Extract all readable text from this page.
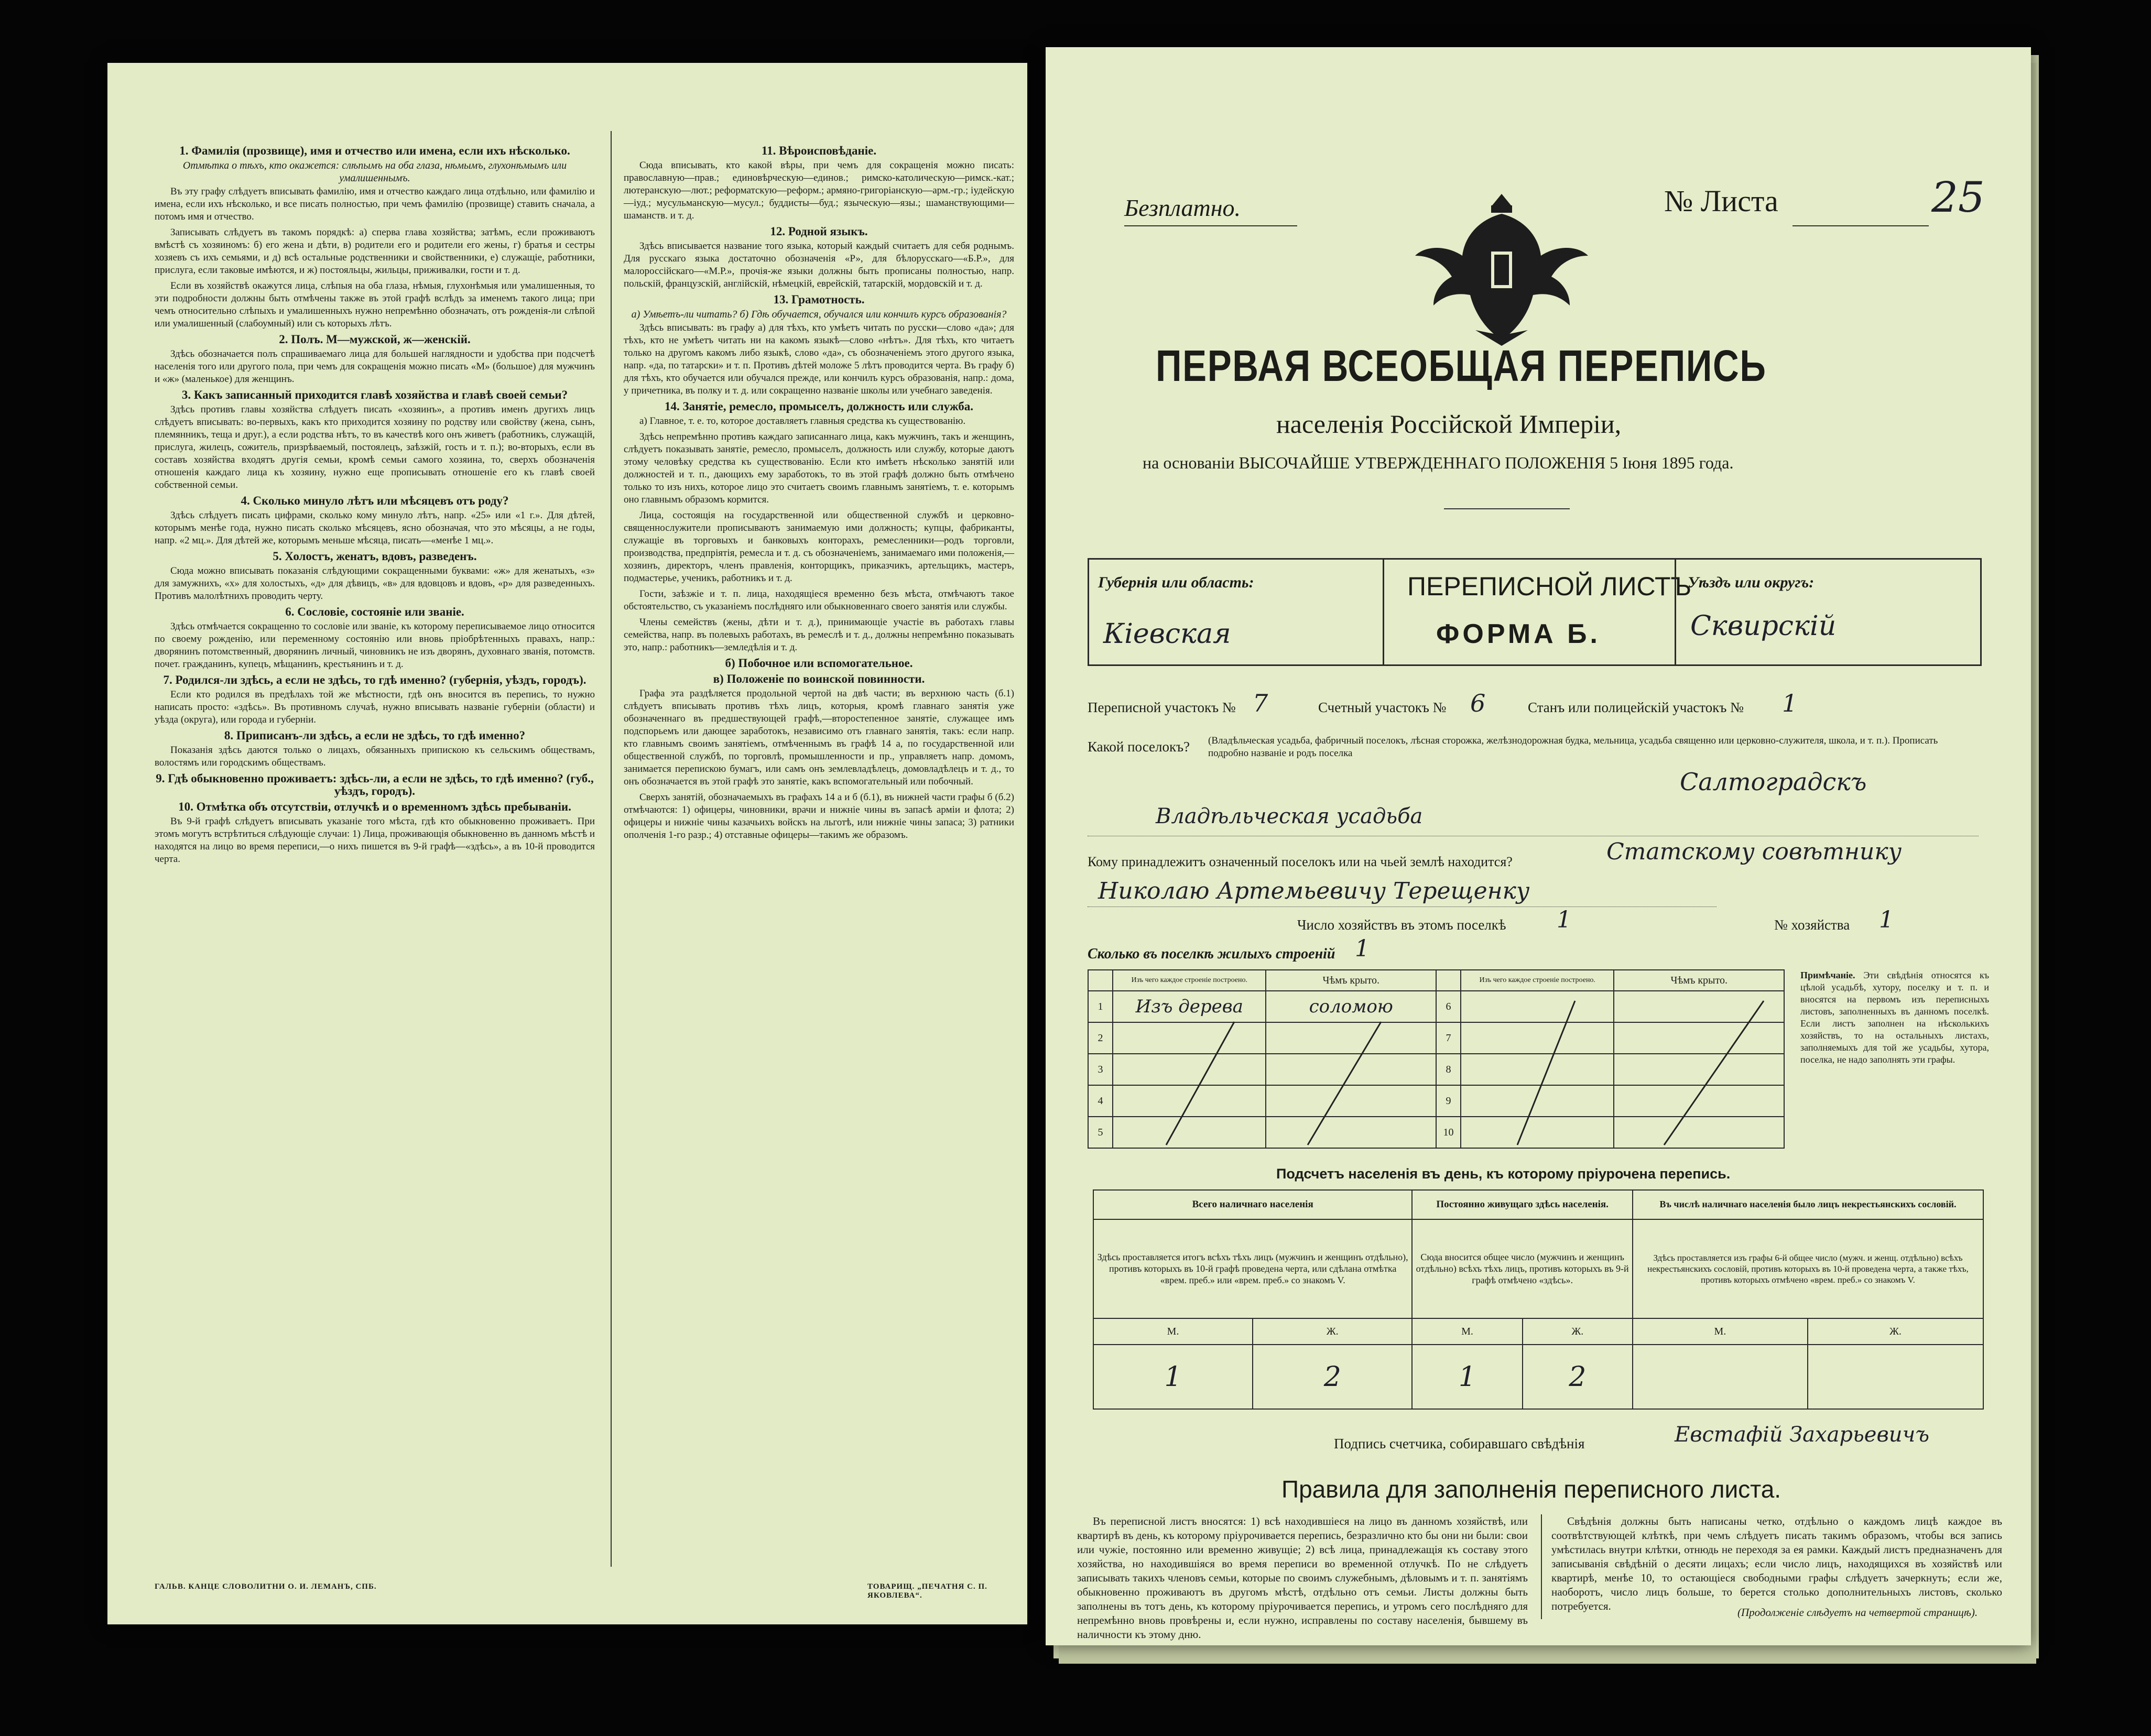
1. Фамилія (прозвище), имя и отчество или имена, если ихъ нѣсколько.
Отмѣтка о тѣхъ, кто окажется: слѣпымъ на оба глаза, нѣмымъ, глухонѣмымъ или умалишеннымъ.

Въ эту графу слѣдуетъ вписывать фамилію, имя и отчество каждаго лица отдѣльно, или фамилію и имена, если ихъ нѣсколько, и все писать полностью, при чемъ фамилію (прозвище) ставить сначала, а потомъ имя и отчество.

Записывать слѣдуетъ въ такомъ порядкѣ: а) сперва глава хозяйства; затѣмъ, если проживаютъ вмѣстѣ съ хозяиномъ: б) его жена и дѣти, в) родители его и родители его жены, г) братья и сестры хозяевъ съ ихъ семьями, и д) всѣ остальные родственники и свойственники, е) служащіе, работники, прислуга, если таковые имѣются, и ж) постояльцы, жильцы, приживалки, гости и т. д.

Если въ хозяйствѣ окажутся лица, слѣпыя на оба глаза, нѣмыя, глухонѣмыя или умалишенныя, то эти подробности должны быть отмѣчены также въ этой графѣ вслѣдъ за именемъ такого лица; при чемъ относительно слѣпыхъ и умалишенныхъ нужно непремѣнно обозначать, отъ рожденія-ли слѣпой или умалишенный (слабоумный) или съ которыхъ лѣтъ.

2. Полъ. М—мужской, ж—женскій.

Здѣсь обозначается полъ спрашиваемаго лица для большей наглядности и удобства при подсчетѣ населенія того или другого пола, при чемъ для сокращенія можно писать «М» (большое) для мужчинъ и «ж» (маленькое) для женщинъ.

3. Какъ записанный приходится главѣ хозяйства и главѣ своей семьи?

Здѣсь противъ главы хозяйства слѣдуетъ писать «хозяинъ», а противъ именъ другихъ лицъ слѣдуетъ вписывать: во-первыхъ, какъ кто приходится хозяину по родству или свойству (жена, сынъ, племянникъ, теща и друг.), а если родства нѣтъ, то въ качествѣ кого онъ живетъ (работникъ, служащій, прислуга, жилецъ, сожитель, призрѣваемый, постоялецъ, заѣзжій, гость и т. п.); во-вторыхъ, если въ составъ хозяйства входятъ другія семьи, кромѣ семьи самого хозяина, то, сверхъ обозначенія отношенія каждаго лица къ хозяину, нужно еще прописывать отношеніе его къ главѣ своей собственной семьи.

4. Сколько минуло лѣтъ или мѣсяцевъ отъ роду?

Здѣсь слѣдуетъ писать цифрами, сколько кому минуло лѣтъ, напр. «25» или «1 г.». Для дѣтей, которымъ менѣе года, нужно писать сколько мѣсяцевъ, ясно обозначая, что это мѣсяцы, а не годы, напр. «2 мц.». Для дѣтей же, которымъ меньше мѣсяца, писать—«менѣе 1 мц.».

5. Холостъ, женатъ, вдовъ, разведенъ.

Сюда можно вписывать показанія слѣдующими сокращенными буквами: «ж» для женатыхъ, «з» для замужнихъ, «х» для холостыхъ, «д» для дѣвицъ, «в» для вдовцовъ и вдовъ, «р» для разведенныхъ. Противъ малолѣтнихъ проводить черту.

6. Сословіе, состояніе или званіе.

Здѣсь отмѣчается сокращенно то сословіе или званіе, къ которому переписываемое лицо относится по своему рожденію, или переменному состоянію или вновь пріобрѣтенныхъ правахъ, напр.: дворянинъ потомственный, дворянинъ личный, чиновникъ не изъ дворянъ, духовнаго званія, потомств. почет. гражданинъ, купецъ, мѣщанинъ, крестьянинъ и т. д.

7. Родился-ли здѣсь, а если не здѣсь, то гдѣ именно? (губернія, уѣздъ, городъ).

Если кто родился въ предѣлахъ той же мѣстности, гдѣ онъ вносится въ перепись, то нужно написать просто: «здѣсь». Въ противномъ случаѣ, нужно вписывать названіе губерніи (области) и уѣзда (округа), или города и губерніи.

8. Приписанъ-ли здѣсь, а если не здѣсь, то гдѣ именно?

Показанія здѣсь даются только о лицахъ, обязанныхъ припискою къ сельскимъ обществамъ, волостямъ или городскимъ обществамъ.

9. Гдѣ обыкновенно проживаетъ: здѣсь-ли, а если не здѣсь, то гдѣ именно? (губ., уѣздъ, городъ).
10. Отмѣтка объ отсутствіи, отлучкѣ и о временномъ здѣсь пребываніи.

Въ 9-й графѣ слѣдуетъ вписывать указаніе того мѣста, гдѣ кто обыкновенно проживаетъ. При этомъ могутъ встрѣтиться слѣдующіе случаи: 1) Лица, проживающія обыкновенно въ данномъ мѣстѣ и находятся на лицо во время переписи,—о нихъ пишется въ 9-й графѣ—«здѣсь», а въ 10-й проводится черта.

11. Вѣроисповѣданіе.

Сюда вписывать, кто какой вѣры, при чемъ для сокращенія можно писать: православную—прав.; единовѣрческую—единов.; римско-католическую—римск.-кат.; лютеранскую—лют.; реформатскую—реформ.; армяно-григоріанскую—арм.-гр.; іудейскую—іуд.; мусульманскую—мусул.; буддисты—буд.; языческую—язы.; шаманствующими—шаманств. и т. д.

12. Родной языкъ.

Здѣсь вписывается название того языка, который каждый считаетъ для себя роднымъ. Для русскаго языка достаточно обозначенія «Р», для бѣлорусскаго—«Б.Р.», для малороссійскаго—«М.Р.», прочія-же языки должны быть прописаны полностью, напр. польскій, французскій, англійскій, нѣмецкій, еврейскій, татарскій, мордовскій и т. д.

13. Грамотность.
а) Умѣетъ-ли читать? б) Гдѣ обучается, обучался или кончилъ курсъ образованія?

Здѣсь вписывать: въ графу а) для тѣхъ, кто умѣетъ читать по русски—слово «да»; для тѣхъ, кто не умѣетъ читать ни на какомъ языкѣ—слово «нѣтъ». Для тѣхъ, кто читаетъ только на другомъ какомъ либо языкѣ, слово «да», съ обозначеніемъ этого другого языка, напр. «да, по татарски» и т. п. Противъ дѣтей моложе 5 лѣтъ проводится черта. Въ графу б) для тѣхъ, кто обучается или обучался прежде, или кончилъ курсъ образованія, напр.: дома, у причетника, въ полку и т. д. или сокращенно названіе школы или учебнаго заведенія.

14. Занятіе, ремесло, промыселъ, должность или служба.

а) Главное, т. е. то, которое доставляетъ главныя средства къ существованію.

Здѣсь непремѣнно противъ каждаго записаннаго лица, какъ мужчинъ, такъ и женщинъ, слѣдуетъ показывать занятіе, ремесло, промыселъ, должность или службу, которые даютъ этому человѣку средства къ существованію. Если кто имѣетъ нѣсколько занятій или должностей и т. п., дающихъ ему заработокъ, то въ этой графѣ должно быть отмѣчено только то изъ нихъ, которое лицо это считаетъ своимъ главнымъ занятіемъ, т. е. которымъ оно главнымъ образомъ кормится.

Лица, состоящія на государственной или общественной службѣ и церковно-священнослужители прописываютъ занимаемую ими должность; купцы, фабриканты, служащіе въ торговыхъ и банковыхъ конторахъ, ремесленники—родъ торговли, производства, предпріятія, ремесла и т. д. съ обозначеніемъ, занимаемаго ими положенія,—хозяинъ, директоръ, членъ правленія, конторщикъ, приказчикъ, артельщикъ, мастеръ, подмастерье, ученикъ, работникъ и т. д.

Гости, заѣзжіе и т. п. лица, находящіеся временно безъ мѣста, отмѣчаютъ такое обстоятельство, съ указаніемъ послѣдняго или обыкновеннаго своего занятія или службы.

Члены семействъ (жены, дѣти и т. д.), принимающіе участіе въ работахъ главы семейства, напр. въ полевыхъ работахъ, въ ремеслѣ и т. д., должны непремѣнно показывать это, напр.: работникъ—земледѣлія и т. д.

б) Побочное или вспомогательное.
в) Положеніе по воинской повинности.

Графа эта раздѣляется продольной чертой на двѣ части; въ верхнюю часть (б.1) слѣдуетъ вписывать противъ тѣхъ лицъ, которыя, кромѣ главнаго занятія уже обозначеннаго въ предшествующей графѣ,—второстепенное занятіе, служащее имъ подспорьемъ или дающее заработокъ, независимо отъ главнаго занятія, такъ: если напр. кто главнымъ своимъ занятіемъ, отмѣченнымъ въ графѣ 14 а, по государственной или общественной службѣ, по торговлѣ, промышленности и пр., управляетъ напр. домомъ, занимается перепискою бумагъ, или самъ онъ землевладѣлецъ, домовладѣлецъ и т. д., то онъ обозначается въ этой графѣ это занятіе, какъ вспомогательный или побочный.

Сверхъ занятій, обозначаемыхъ въ графахъ 14 а и б (б.1), въ нижней части графы б (б.2) отмѣчаются: 1) офицеры, чиновники, врачи и нижніе чины въ запасѣ арміи и флота; 2) офицеры и нижніе чины казачьихъ войскъ на льготѣ, или нижніе чины запаса; 3) ратники ополченія 1-го разр.; 4) отставные офицеры—такимъ же образомъ.

ГАЛЬВ. КАНЦЕ СЛОВОЛИТНИ О. И. ЛЕМАНЪ, СПБ.	ТОВАРИЩ. „ПЕЧАТНЯ С. П. ЯКОВЛЕВА“.
Безплатно.	№ Листа	25
ПЕРВАЯ ВСЕОБЩАЯ ПЕРЕПИСЬ
населенія Россійской Имперіи,
на основаніи ВЫСОЧАЙШЕ УТВЕРЖДЕННАГО ПОЛОЖЕНІЯ 5 Іюня 1895 года.
Губернія или область:
Кіевская
ПЕРЕПИСНОЙ ЛИСТЪ
ФОРМА Б.
Уѣздъ или округъ:
Сквирскій
Переписной участокъ № 7	Счетный участокъ № 6	Станъ или полицейскій участокъ № 1
Какой поселокъ? (Владѣльческая усадьба, фабричный поселокъ, лѣсная сторожка, желѣзнодорожная будка, мельница, усадьба священно или церковно-служителя, школа, и т. п.). Прописать подробно названіе и родъ поселка
Салтоградскъ
Владѣльческая усадьба
Кому принадлежитъ означенный поселокъ или на чьей землѣ находится?	Статскому совѣтнику
Николаю Артемьевичу Терещенку
Число хозяйствъ въ этомъ поселкѣ 1	№ хозяйства 1
Сколько въ поселкѣ жилыхъ строеній 1
	Изъ чего каждое строеніе построено.	Чѣмъ крыто.		Изъ чего каждое строеніе построено.	Чѣмъ крыто.
1	Изъ дерева	соломою	6		
2			7		
3			8		
4			9		
5			10		
Примѣчаніе. Эти свѣдѣнія относятся къ цѣлой усадьбѣ, хутору, поселку и т. п. и вносятся на первомъ изъ переписныхъ листовъ, заполненныхъ въ данномъ поселкѣ. Если листъ заполнен на нѣсколькихъ хозяйствъ, то на остальныхъ листахъ, заполняемыхъ для той же усадьбы, хутора, поселка, не надо заполнять эти графы.
Подсчетъ населенія въ день, къ которому пріурочена перепись.
Всего наличнаго населенія		Постоянно живущаго здѣсь населенія.		Въ числѣ наличнаго населенія было лицъ некрестьянскихъ сословій.	
Здѣсь проставляется итогъ всѣхъ тѣхъ лицъ (мужчинъ и женщинъ отдѣльно), противъ которыхъ въ 10-й графѣ проведена черта, или сдѣлана отмѣтка «врем. преб.» или «врем. преб.» со знакомъ V.		Сюда вносится общее число (мужчинъ и женщинъ отдѣльно) всѣхъ тѣхъ лицъ, противъ которыхъ въ 9-й графѣ отмѣчено «здѣсь».		Здѣсь проставляется изъ графы 6-й общее число (мужч. и женщ. отдѣльно) всѣхъ некрестьянскихъ сословій, противъ которыхъ въ 10-й проведена черта, а также тѣхъ, противъ которыхъ отмѣчено «врем. преб.» со знакомъ V.	
М.	Ж.	М.	Ж.	М.	Ж.
1	2	1	2		
Подпись счетчика, собиравшаго свѣдѣнія	Евстафій Захарьевичъ
Правила для заполненія переписного листа.

Въ переписной листъ вносятся: 1) всѣ находившіеся на лицо въ данномъ хозяйствѣ, или квартирѣ въ день, къ которому пріурочивается перепись, безразлично кто бы они ни были: свои или чужіе, постоянно или временно живущіе; 2) всѣ лица, принадлежащія къ составу этого хозяйства, но находившіяся во время переписи во временной отлучкѣ. По не слѣдуетъ записывать такихъ членовъ семьи, которые по своимъ служебнымъ, дѣловымъ и т. п. занятіямъ обыкновенно проживаютъ въ другомъ мѣстѣ, отдѣльно отъ семьи. Листы должны быть заполнены въ тотъ день, къ которому пріурочивается перепись, и утромъ сего послѣдняго для непремѣнно вновь провѣрены и, если нужно, исправлены по составу населенія, бывшему въ наличности къ этому дню.

Свѣдѣнія должны быть написаны четко, отдѣльно о каждомъ лицѣ каждое въ соотвѣтствующей клѣткѣ, при чемъ слѣдуетъ писать такимъ образомъ, чтобы вся запись умѣстилась внутри клѣтки, отнюдь не переходя за ея рамки. Каждый листъ предназначенъ для записыванія свѣдѣній о десяти лицахъ; если число лицъ, находящихся въ хозяйствѣ или квартирѣ, менѣе 10, то остающіеся свободными графы слѣдуетъ зачеркнуть; если же, наоборотъ, число лицъ больше, то берется столько дополнительныхъ листовъ, сколько потребуется.	(Продолженіе слѣдуетъ на четвертой страницѣ).
